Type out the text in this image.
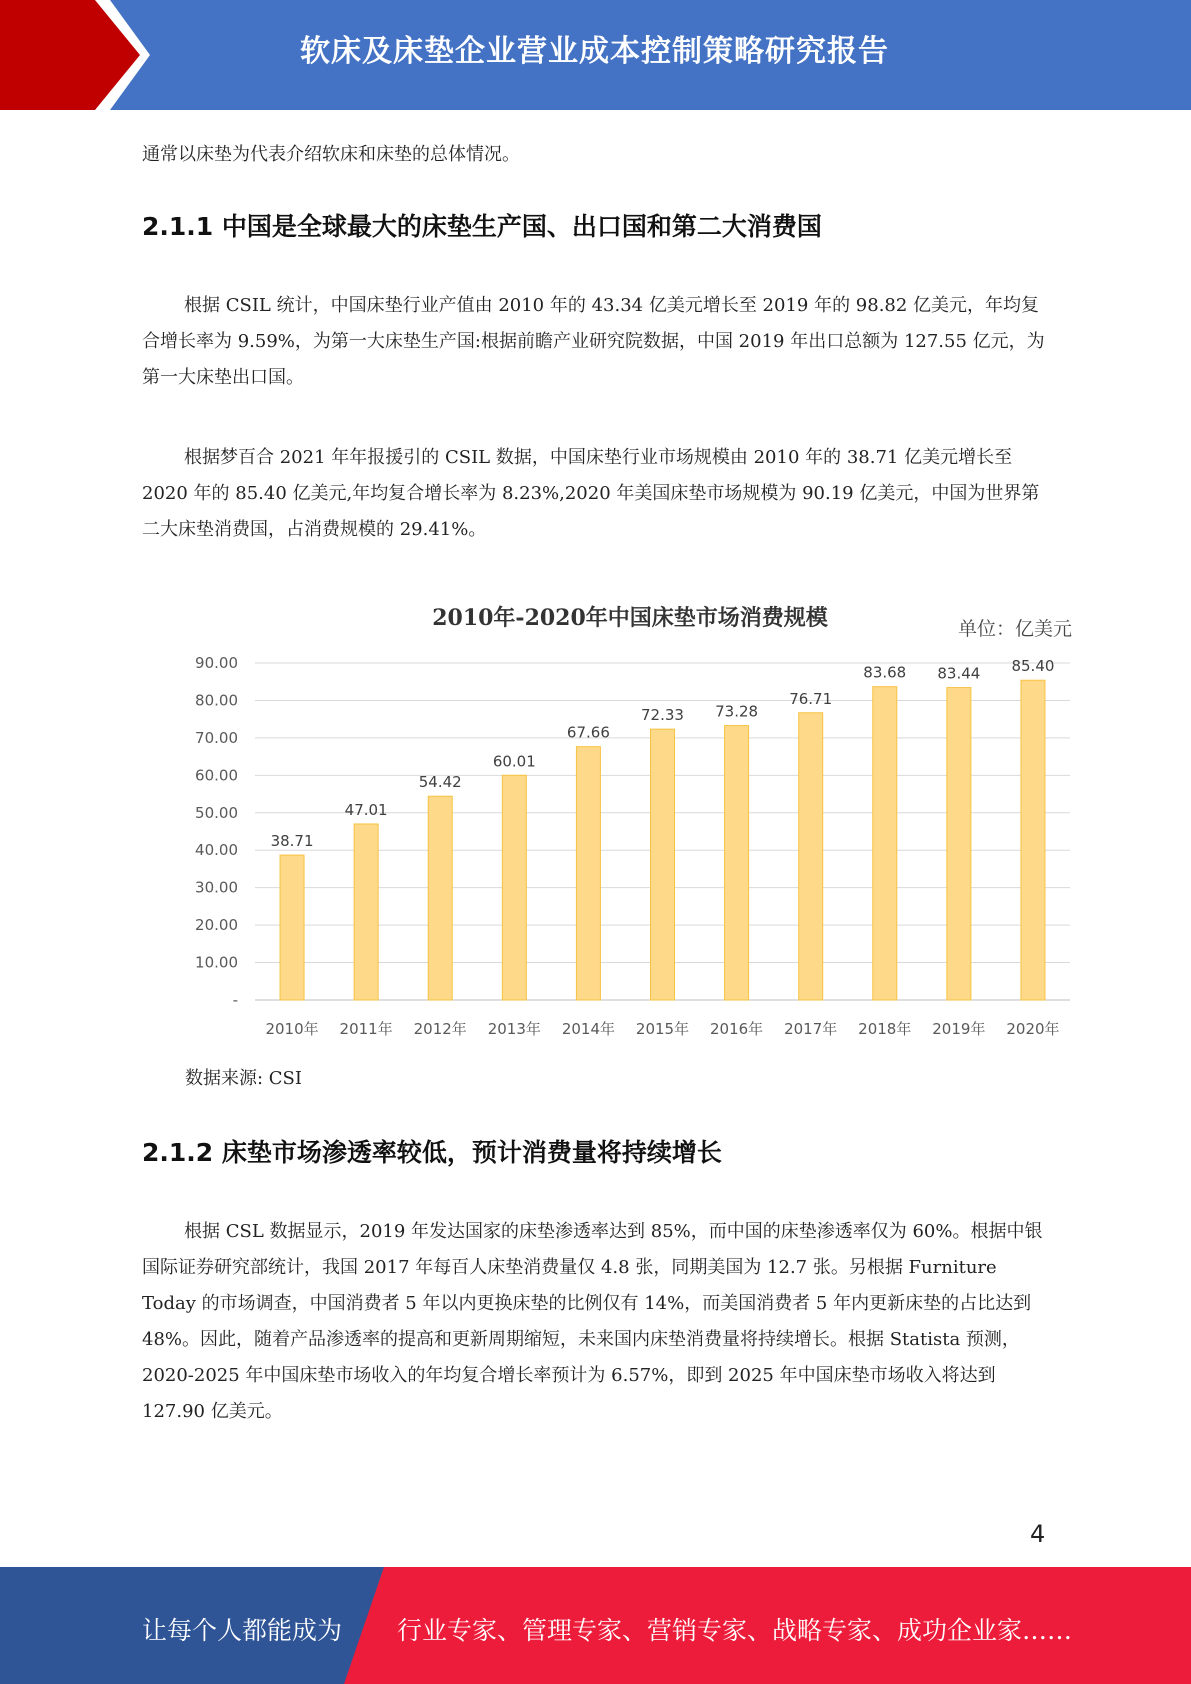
软床及床垫企业营业成本控制策略研究报告

通常以床垫为代表介绍软床和床垫的总体情况。

2.1.1 中国是全球最大的床垫生产国、出口国和第二大消费国

根据 CSIL 统计，中国床垫行业产值由 2010 年的 43.34 亿美元增长至 2019 年的 98.82 亿美元，年均复合增长率为 9.59%，为第一大床垫生产国:根据前瞻产业研究院数据，中国 2019 年出口总额为 127.55 亿元，为第一大床垫出口国。

根据梦百合 2021 年年报援引的 CSIL 数据，中国床垫行业市场规模由 2010 年的 38.71 亿美元增长至 2020 年的 85.40 亿美元,年均复合增长率为 8.23%,2020 年美国床垫市场规模为 90.19 亿美元，中国为世界第二大床垫消费国，占消费规模的 29.41%。

2010年-2020年中国床垫市场消费规模	单位：亿美元
-
10.00
20.00
30.00
40.00
50.00
60.00
70.00
80.00
90.00
38.71
47.01
54.42
60.01
67.66
72.33 73.28
76.71
83.68 83.44 85.40
2010年 2011年 2012年 2013年 2014年 2015年 2016年 2017年 2018年 2019年 2020年
数据来源: CSI
2.1.2 床垫市场渗透率较低，预计消费量将持续增长

根据 CSL 数据显示，2019 年发达国家的床垫渗透率达到 85%，而中国的床垫渗透率仅为 60%。根据中银国际证券研究部统计，我国 2017 年每百人床垫消费量仅 4.8 张，同期美国为 12.7 张。另根据 Furniture Today 的市场调查，中国消费者 5 年以内更换床垫的比例仅有 14%，而美国消费者 5 年内更新床垫的占比达到 48%。因此，随着产品渗透率的提高和更新周期缩短，未来国内床垫消费量将持续增长。根据 Statista 预测，2020-2025 年中国床垫市场收入的年均复合增长率预计为 6.57%，即到 2025 年中国床垫市场收入将达到 127.90 亿美元。

4
让每个人都能成为 行业专家、管理专家、营销专家、战略专家、成功企业家……
